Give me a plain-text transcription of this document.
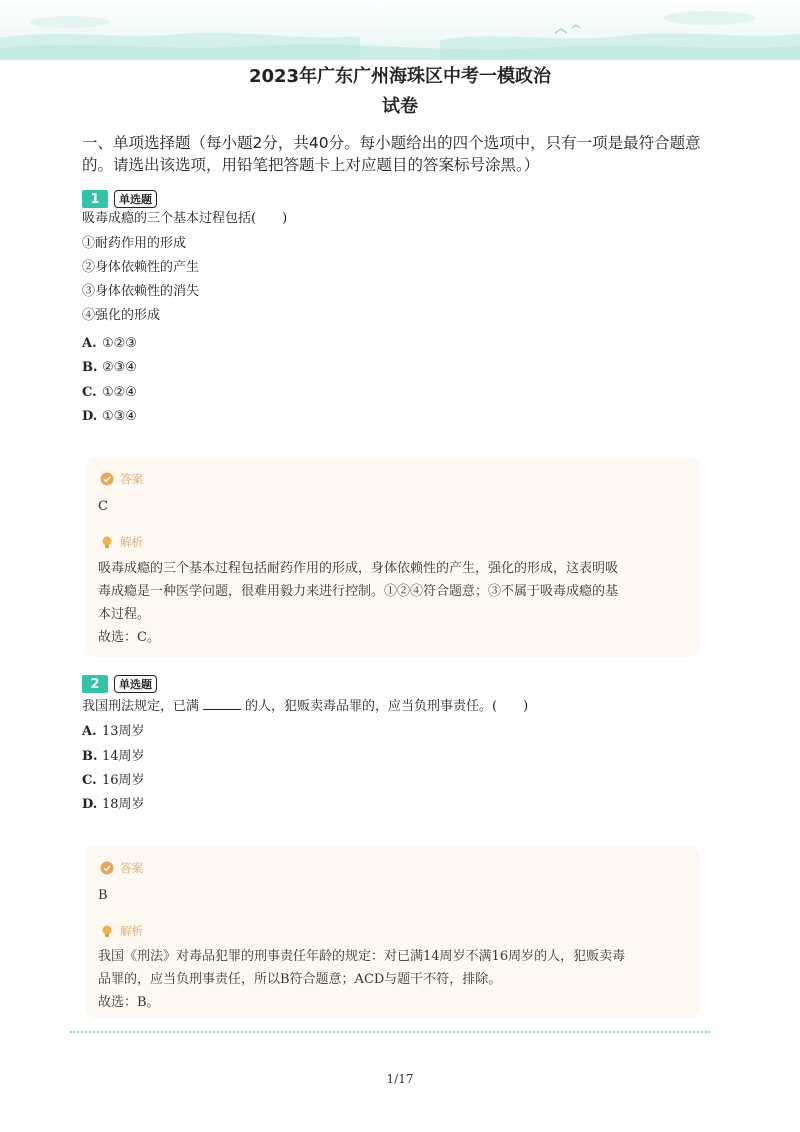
2023年广东广州海珠区中考一模政治
试卷
一、单项选择题（每小题2分，共40分。每小题给出的四个选项中，只有一项是最符合题意的。请选出该选项，用铅笔把答题卡上对应题目的答案标号涂黑。）
1	单选题
吸毒成瘾的三个基本过程包括(　　)
①耐药作用的形成
②身体依赖性的产生
③身体依赖性的消失
④强化的形成
A. ①②③
B. ②③④
C. ①②④
D. ①③④
答案
C
解析
吸毒成瘾的三个基本过程包括耐药作用的形成，身体依赖性的产生，强化的形成，这表明吸
毒成瘾是一种医学问题，很难用毅力来进行控制。①②④符合题意；③不属于吸毒成瘾的基
本过程。
故选：C。
2	单选题
我国刑法规定，已满	的人，犯贩卖毒品罪的，应当负刑事责任。(　　)
A. 13周岁
B. 14周岁
C. 16周岁
D. 18周岁
答案
B
解析
我国《刑法》对毒品犯罪的刑事责任年龄的规定：对已满14周岁不满16周岁的人，犯贩卖毒
品罪的，应当负刑事责任，所以B符合题意；ACD与题干不符，排除。
故选：B。
1/17
